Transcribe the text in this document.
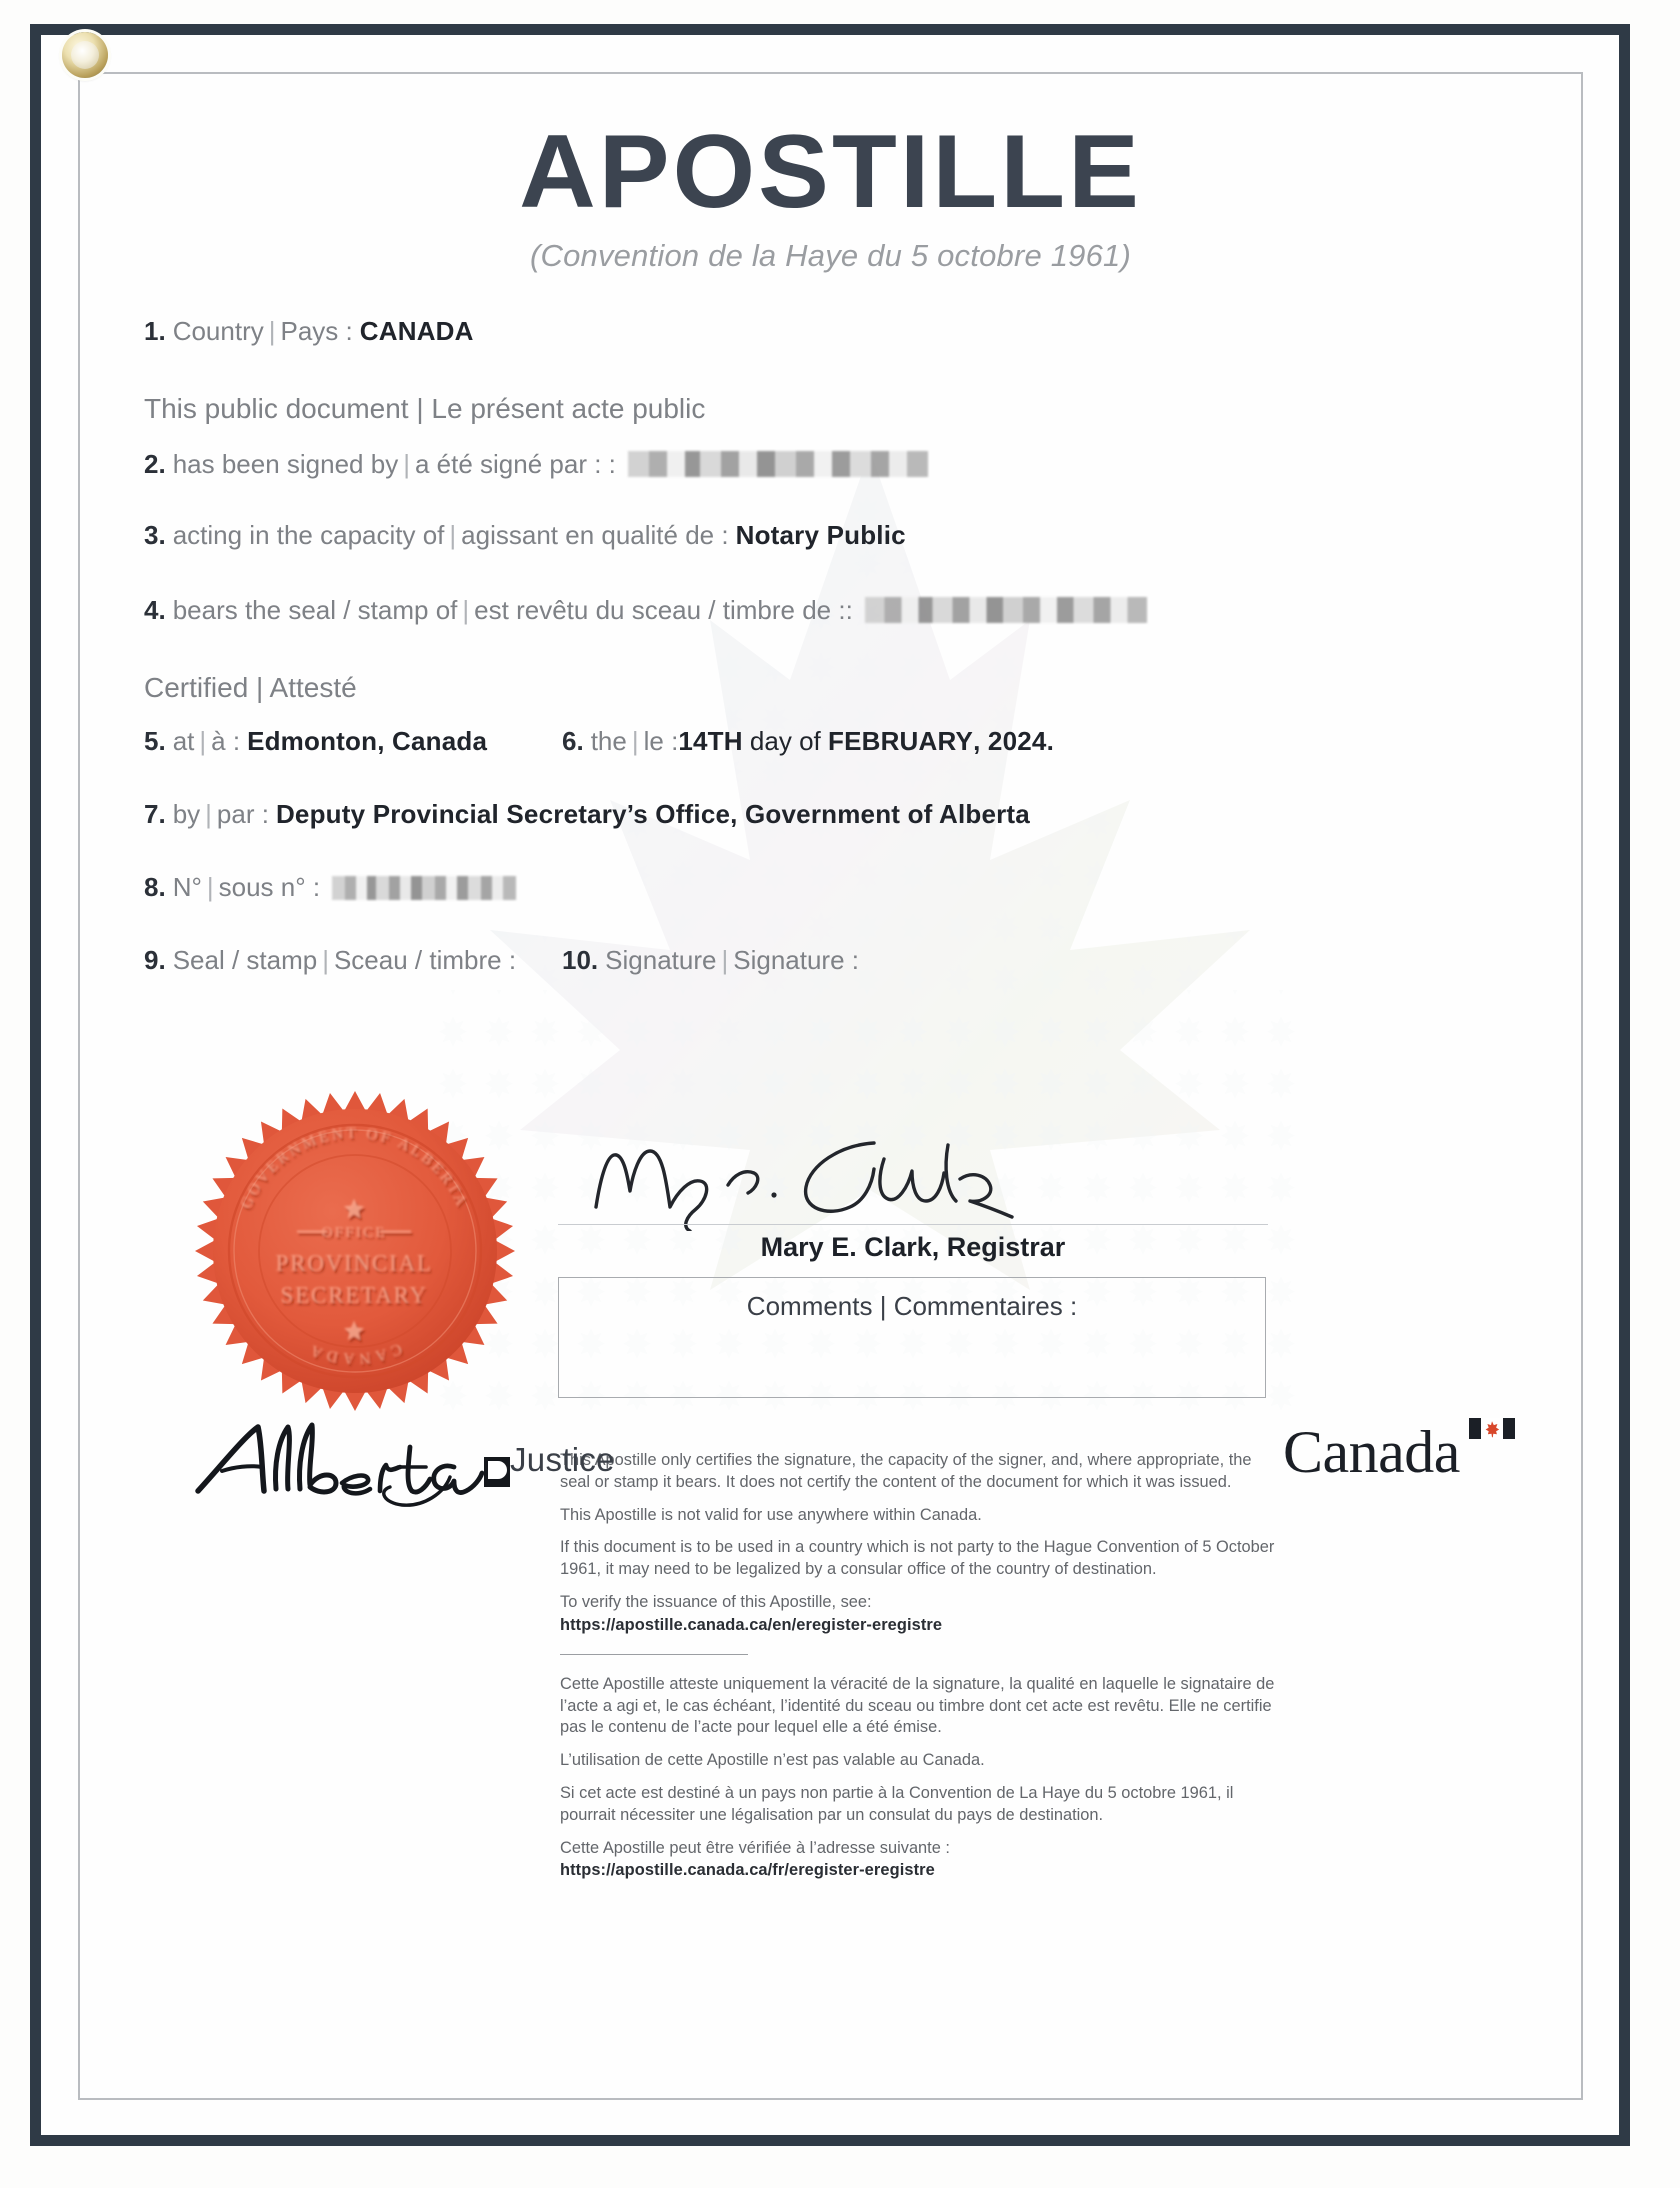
APOSTILLE
(Convention de la Haye du 5 octobre 1961)
1. Country | Pays : CANADA
This public document | Le présent acte public
2. has been signed by | a été signé par : :
3. acting in the capacity of | agissant en qualité de : Notary Public
4. bears the seal / stamp of | est revêtu du sceau / timbre de : :
Certified | Attesté
5. at | à : Edmonton, Canada	6. the | le : 14TH day of FEBRUARY , 2024.
7. by | par : Deputy Provincial Secretary’s Office, Government of Alberta
8. N° | sous n° :
9. Seal / stamp | Sceau / timbre : 10. Signature | Signature :
Mary E. Clark, Registrar
Comments | Commentaires :

This Apostille only certifies the signature, the capacity of the signer, and, where appropriate, the seal or stamp it bears. It does not certify the content of the document for which it was issued.

This Apostille is not valid for use anywhere within Canada.

If this document is to be used in a country which is not party to the Hague Convention of 5 October 1961, it may need to be legalized by a consular office of the country of destination.

To verify the issuance of this Apostille, see:
https://apostille.canada.ca/en/eregister-eregistre

Cette Apostille atteste uniquement la véracité de la signature, la qualité en laquelle le signataire de l’acte a agi et, le cas échéant, l’identité du sceau ou timbre dont cet acte est revêtu. Elle ne certifie pas le contenu de l’acte pour lequel elle a été émise.

L’utilisation de cette Apostille n’est pas valable au Canada.

Si cet acte est destiné à un pays non partie à la Convention de La Haye du 5 octobre 1961, il pourrait nécessiter une légalisation par un consulat du pays de destination.

Cette Apostille peut être vérifiée à l’adresse suivante :
https://apostille.canada.ca/fr/eregister-eregistre

GOVERNMENT OF ALBERTA
CANADA
OFFICE
PROVINCIAL
SECRETARY
Justice	Canada
